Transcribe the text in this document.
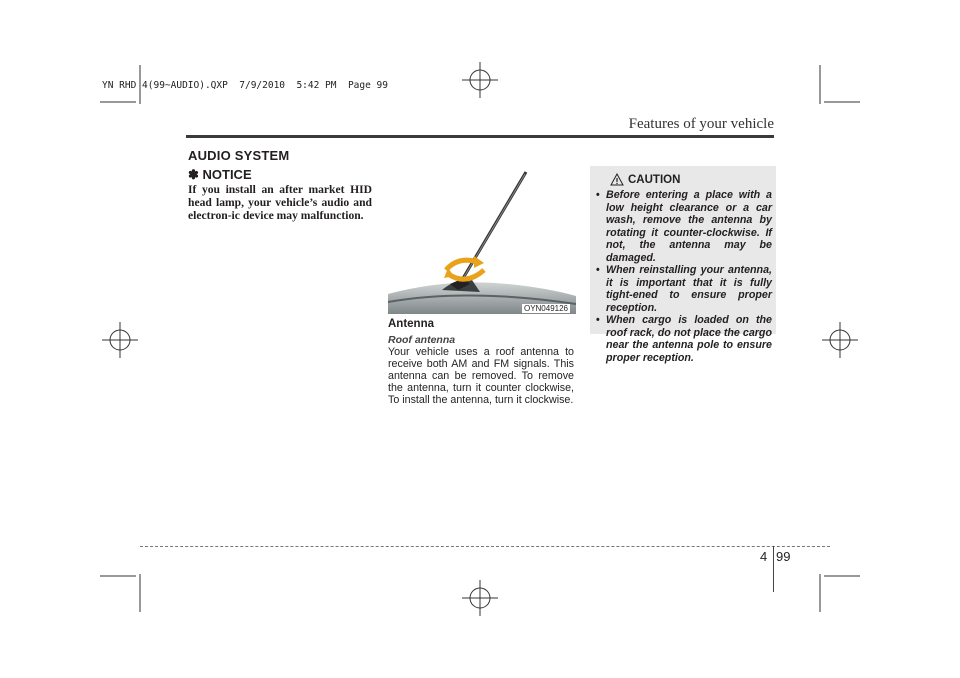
YN RHD 4(99~AUDIO).QXP  7/9/2010  5:42 PM  Page 99
Features of your vehicle
AUDIO SYSTEM
✽ NOTICE
If you install an after market HID head lamp, your vehicle’s audio and electron-ic device may malfunction.
OYN049126
Antenna
Roof antenna
Your vehicle uses a roof antenna to receive both AM and FM signals. This antenna can be removed. To remove the antenna, turn it counter clockwise, To install the antenna, turn it clockwise.
CAUTION
• Before entering a place with a low height clearance or a car wash, remove the antenna by rotating it counter-clockwise. If not, the antenna may be damaged.
• When reinstalling your antenna, it is important that it is fully tight-ened to ensure proper reception.
• When cargo is loaded on the roof rack, do not place the cargo near the antenna pole to ensure proper reception.
4 99
